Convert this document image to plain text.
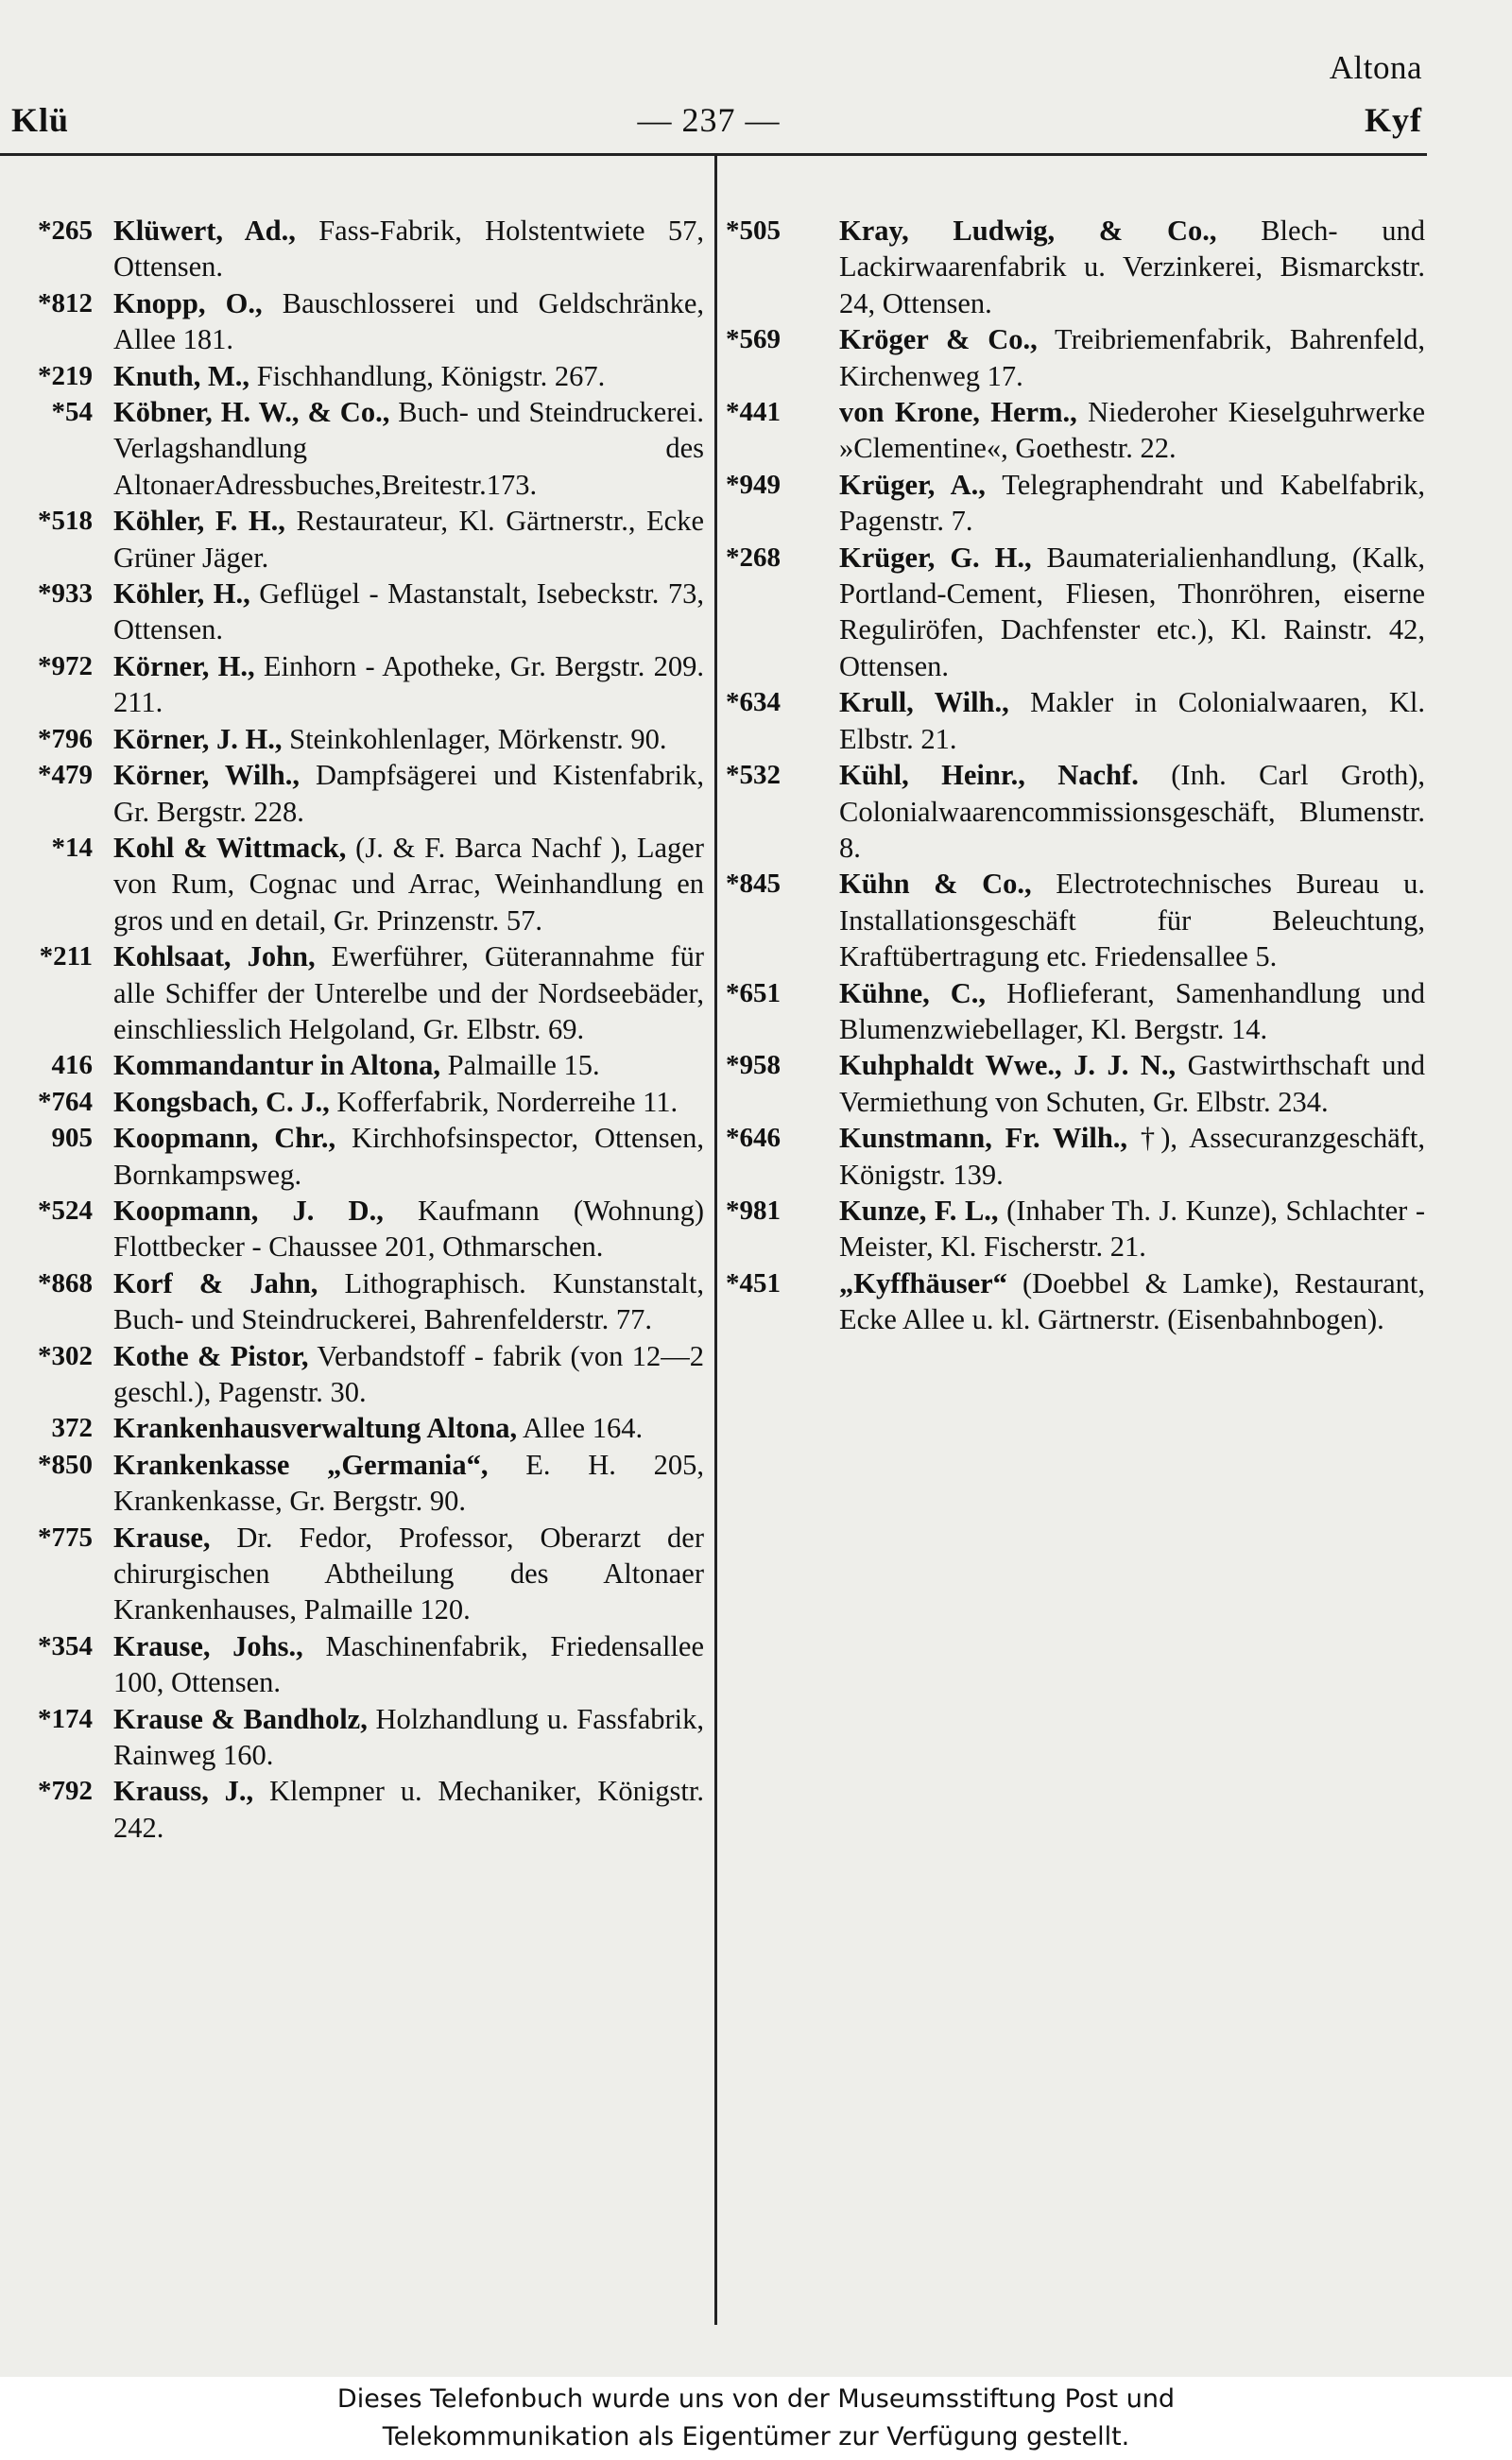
Altona
Klü	— 237 —	Kyf
*265 Klüwert, Ad., Fass-Fabrik, Holstentwiete 57, Ottensen.
*812 Knopp, O., Bauschlosserei und Geldschränke, Allee 181.
*219 Knuth, M., Fischhandlung, Königstr. 267.
*54 Köbner, H. W., & Co., Buch- und Steindruckerei. Verlagshandlung des AltonaerAdressbuches,Breitestr.173.
*518 Köhler, F. H., Restaurateur, Kl. Gärtnerstr., Ecke Grüner Jäger.
*933 Köhler, H., Geflügel - Mastanstalt, Isebeckstr. 73, Ottensen.
*972 Körner, H., Einhorn - Apotheke, Gr. Bergstr. 209. 211.
*796 Körner, J. H., Steinkohlenlager, Mörkenstr. 90.
*479 Körner, Wilh., Dampfsägerei und Kistenfabrik, Gr. Bergstr. 228.
*14 Kohl & Wittmack, (J. & F. Barca Nachf ), Lager von Rum, Cognac und Arrac, Weinhandlung en gros und en detail, Gr. Prinzenstr. 57.
*211 Kohlsaat, John, Ewerführer, Güterannahme für alle Schiffer der Unterelbe und der Nordseebäder, einschliesslich Helgoland, Gr. Elbstr. 69.
416 Kommandantur in Altona, Palmaille 15.
*764 Kongsbach, C. J., Kofferfabrik, Norderreihe 11.
905 Koopmann, Chr., Kirchhofsinspector, Ottensen, Bornkampsweg.
*524 Koopmann, J. D., Kaufmann (Wohnung) Flottbecker - Chaussee 201, Othmarschen.
*868 Korf & Jahn, Lithographisch. Kunstanstalt, Buch- und Steindruckerei, Bahrenfelderstr. 77.
*302 Kothe & Pistor, Verbandstoff - fabrik (von 12—2 geschl.), Pagenstr. 30.
372 Krankenhausverwaltung Altona, Allee 164.
*850 Krankenkasse „Germania“, E. H. 205, Krankenkasse, Gr. Bergstr. 90.
*775 Krause, Dr. Fedor, Professor, Oberarzt der chirurgischen Abtheilung des Altonaer Krankenhauses, Palmaille 120.
*354 Krause, Johs., Maschinenfabrik, Friedensallee 100, Ottensen.
*174 Krause & Bandholz, Holzhandlung u. Fassfabrik, Rainweg 160.
*792 Krauss, J., Klempner u. Mechaniker, Königstr. 242.
*505	Kray, Ludwig, & Co., Blech- und Lackirwaarenfabrik u. Verzinkerei, Bismarckstr. 24, Ottensen.
*569	Kröger & Co., Treibriemenfabrik, Bahrenfeld, Kirchenweg 17.
*441	von Krone, Herm., Niederoher Kieselguhrwerke »Clementine«, Goethestr. 22.
*949	Krüger, A., Telegraphendraht und Kabelfabrik, Pagenstr. 7.
*268	Krüger, G. H., Baumaterialienhandlung, (Kalk, Portland-Cement, Fliesen, Thonröhren, eiserne Reguliröfen, Dachfenster etc.), Kl. Rainstr. 42, Ottensen.
*634	Krull, Wilh., Makler in Colonialwaaren, Kl. Elbstr. 21.
*532	Kühl, Heinr., Nachf. (Inh. Carl Groth), Colonialwaarencommissionsgeschäft, Blumenstr. 8.
*845	Kühn & Co., Electrotechnisches Bureau u. Installationsgeschäft für Beleuchtung, Kraftübertragung etc. Friedensallee 5.
*651	Kühne, C., Hoflieferant, Samenhandlung und Blumenzwiebellager, Kl. Bergstr. 14.
*958	Kuhphaldt Wwe., J. J. N., Gastwirthschaft und Vermiethung von Schuten, Gr. Elbstr. 234.
*646	Kunstmann, Fr. Wilh., †), Assecuranzgeschäft, Königstr. 139.
*981	Kunze, F. L., (Inhaber Th. J. Kunze), Schlachter - Meister, Kl. Fischerstr. 21.
*451	„Kyffhäuser“ (Doebbel & Lamke), Restaurant, Ecke Allee u. kl. Gärtnerstr. (Eisenbahnbogen).
Dieses Telefonbuch wurde uns von der Museumsstiftung Post und
Telekommunikation als Eigentümer zur Verfügung gestellt.
